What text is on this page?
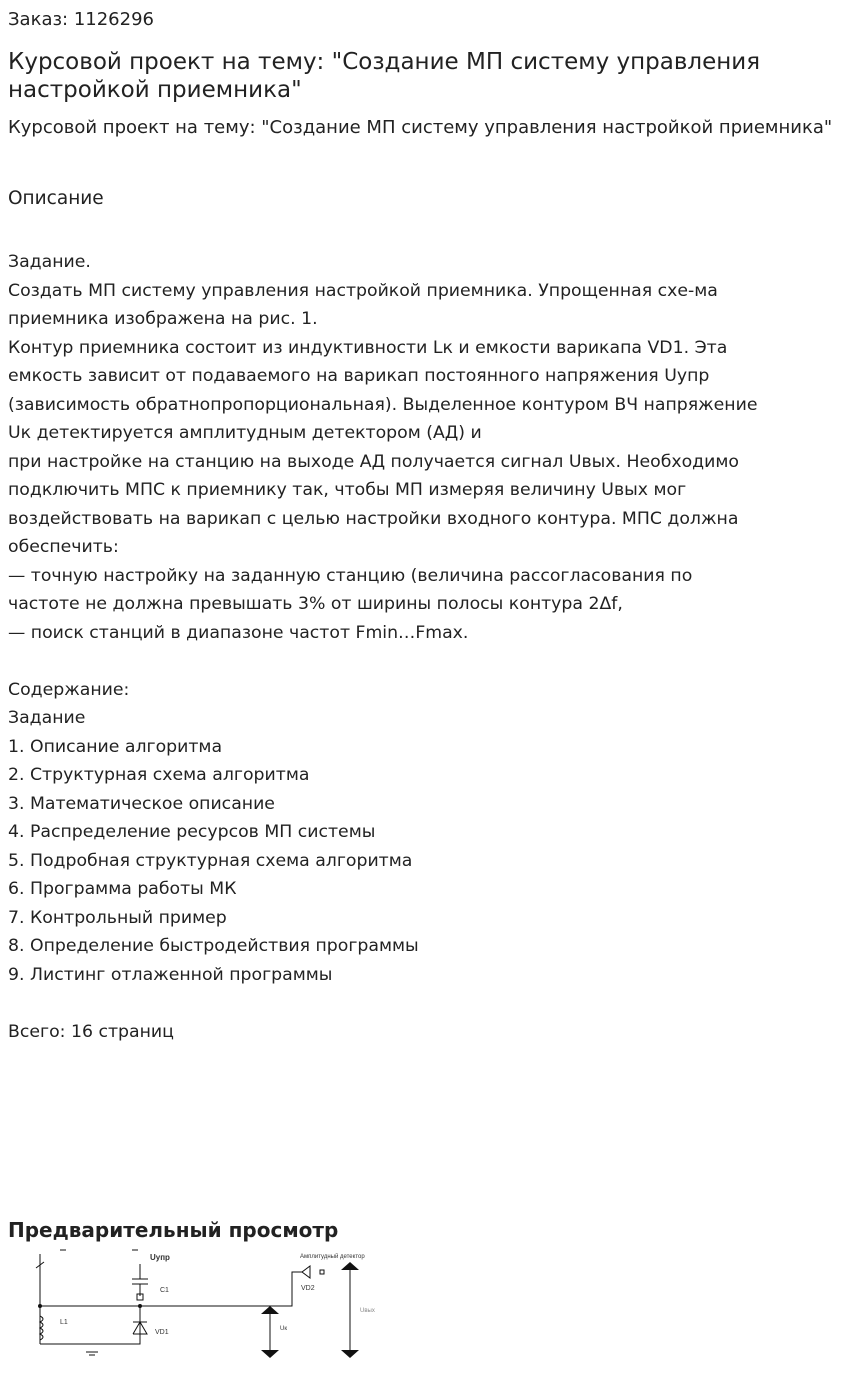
Заказ: 1126296
Курсовой проект на тему: "Создание МП систему управления настройкой приемника"
Курсовой проект на тему: "Создание МП систему управления настройкой приемника"
Описание
Задание.
Создать МП систему управления настройкой приемника. Упрощенная схе-ма
приемника изображена на рис. 1.
Контур приемника состоит из индуктивности Lк и емкости варикапа VD1. Эта
емкость зависит от подаваемого на варикап постоянного напряжения Uупр
(зависимость обратнопропорциональная). Выделенное контуром ВЧ напряжение
Uк детектируется амплитудным детектором (АД) и
при настройке на станцию на выходе АД получается сигнал Uвых. Необходимо
подключить МПС к приемнику так, чтобы МП измеряя величину Uвых мог
воздействовать на варикап с целью настройки входного контура. МПС должна
обеспечить:
— точную настройку на заданную станцию (величина рассогласования по
частоте не должна превышать 3% от ширины полосы контура 2Δf,
— поиск станций в диапазоне частот Fmin…Fmax.
Содержание:
Задание
1. Описание алгоритма
2. Структурная схема алгоритма
3. Математическое описание
4. Распределение ресурсов МП системы
5. Подробная структурная схема алгоритма
6. Программа работы МК
7. Контрольный пример
8. Определение быстродействия программы
9. Листинг отлаженной программы
Всего: 16 страниц
Предварительный просмотр
Uупр	Амплитудный детектор
C1
L1
VD1
VD2
Uк
Uвых
